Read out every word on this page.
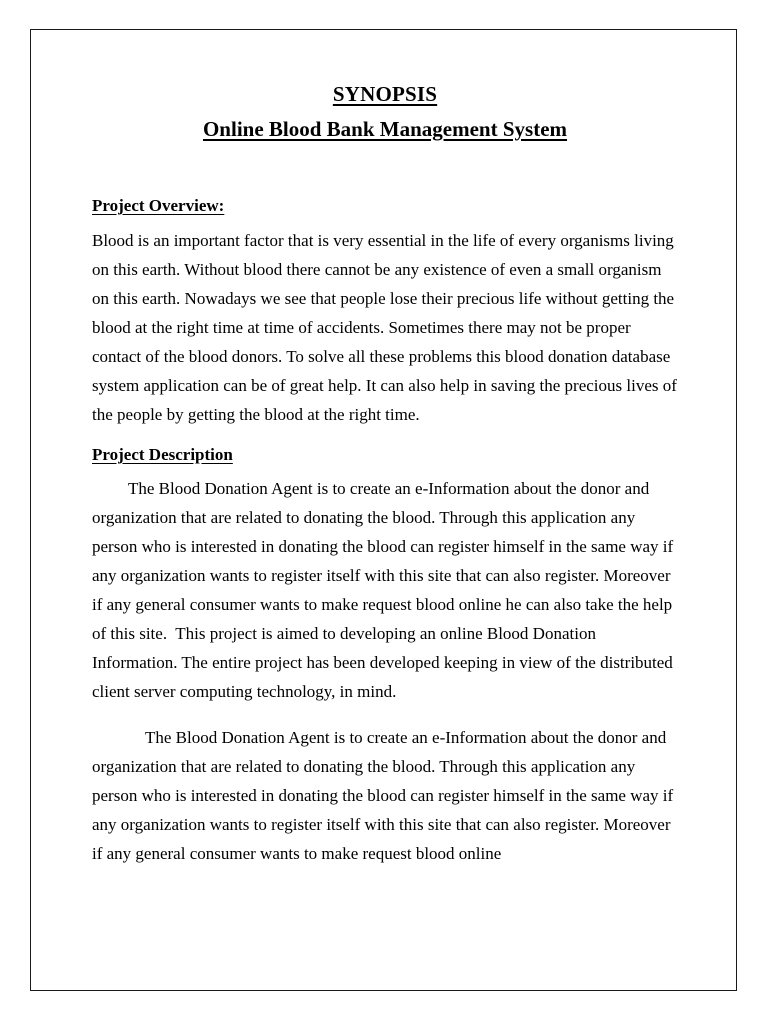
SYNOPSIS
Online Blood Bank Management System
Project Overview:

Blood is an important factor that is very essential in the life of every organisms living on this earth. Without blood there cannot be any existence of even a small organism on this earth. Nowadays we see that people lose their precious life without getting the blood at the right time at time of accidents. Sometimes there may not be proper contact of the blood donors. To solve all these problems this blood donation database system application can be of great help. It can also help in saving the precious lives of the people by getting the blood at the right time.

Project Description

The Blood Donation Agent is to create an e-Information about the donor and organization that are related to donating the blood. Through this application any person who is interested in donating the blood can register himself in the same way if any organization wants to register itself with this site that can also register. Moreover if any general consumer wants to make request blood online he can also take the help of this site.  This project is aimed to developing an online Blood Donation Information. The entire project has been developed keeping in view of the distributed client server computing technology, in mind.

The Blood Donation Agent is to create an e-Information about the donor and organization that are related to donating the blood. Through this application any person who is interested in donating the blood can register himself in the same way if any organization wants to register itself with this site that can also register. Moreover if any general consumer wants to make request blood online
